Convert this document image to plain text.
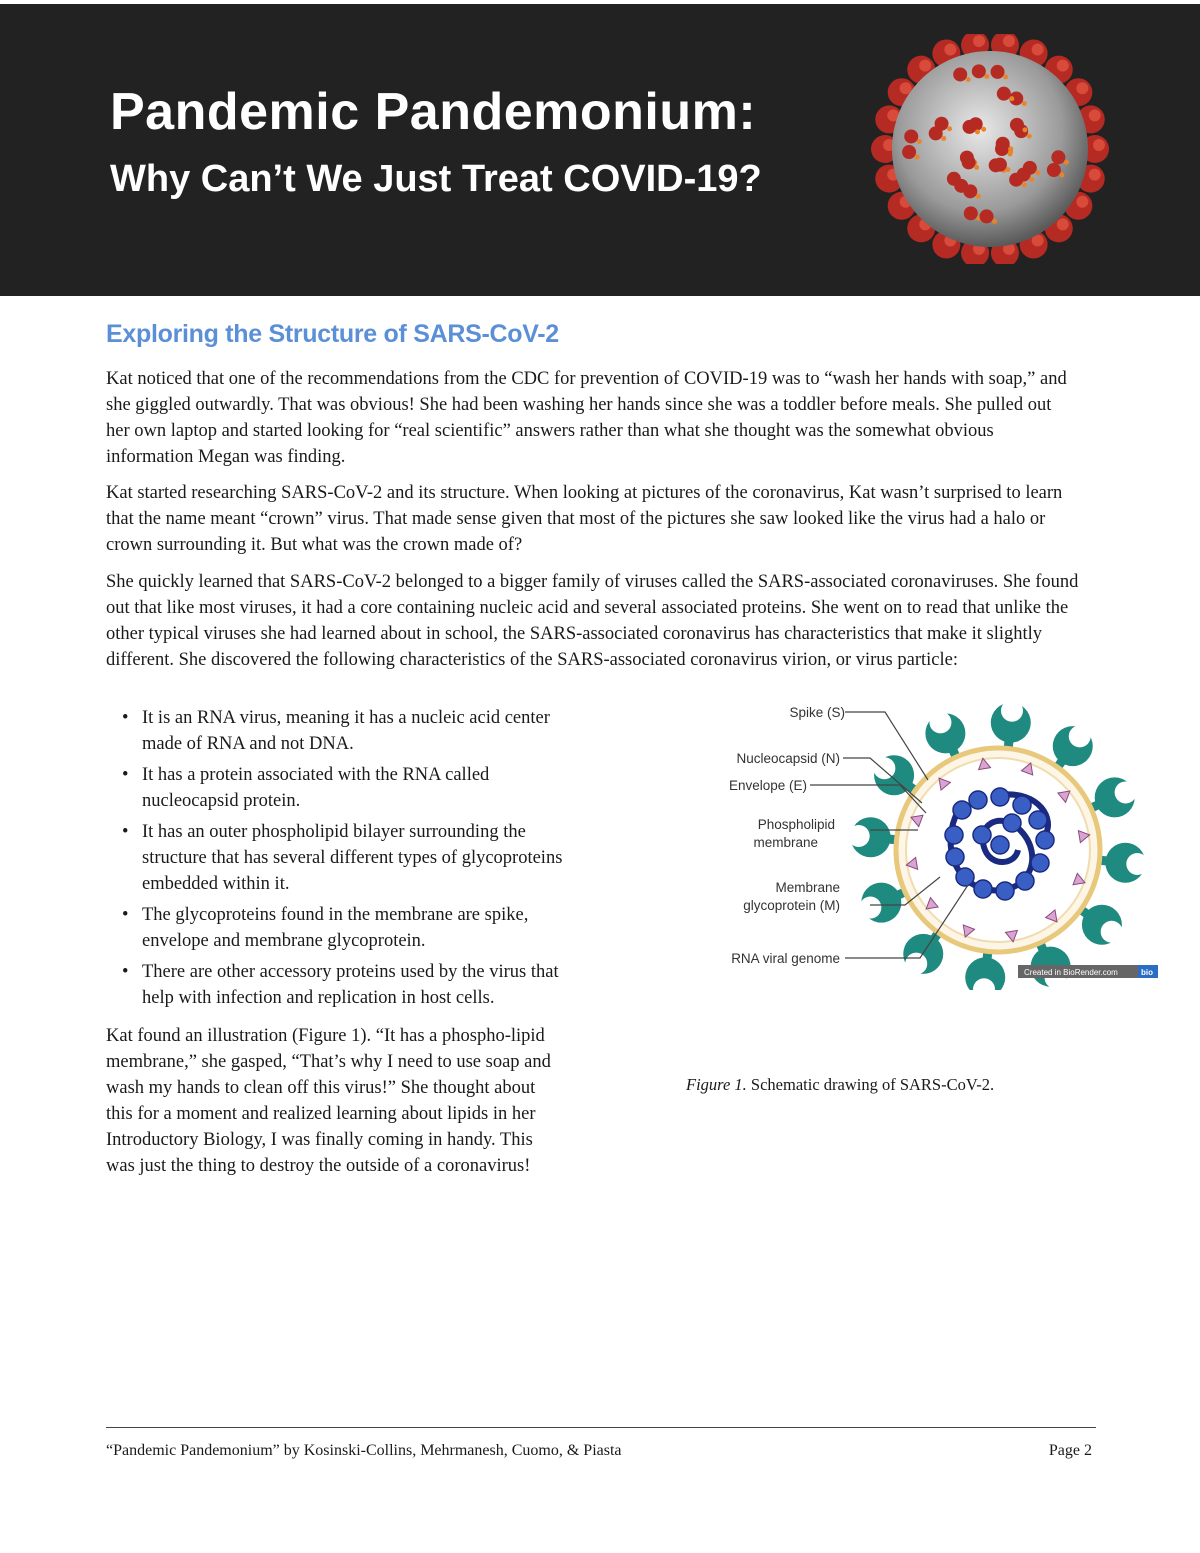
Pandemic Pandemonium:
Why Can’t We Just Treat COVID-19?
Exploring the Structure of SARS-CoV-2

Kat noticed that one of the recommendations from the CDC for prevention of COVID-19 was to “wash her hands with soap,” and she giggled outwardly. That was obvious! She had been washing her hands since she was a toddler before meals. She pulled out her own laptop and started looking for “real scientific” answers rather than what she thought was the somewhat obvious information Megan was finding.

Kat started researching SARS-CoV-2 and its structure. When looking at pictures of the coronavirus, Kat wasn’t surprised to learn that the name meant “crown” virus. That made sense given that most of the pictures she saw looked like the virus had a halo or crown surrounding it. But what was the crown made of?

She quickly learned that SARS-CoV-2 belonged to a bigger family of viruses called the SARS-associated coronaviruses. She found out that like most viruses, it had a core containing nucleic acid and several associated proteins. She went on to read that unlike the other typical viruses she had learned about in school, the SARS-associated coronavirus has characteristics that make it slightly different. She discovered the following characteristics of the SARS-associated coronavirus virion, or virus particle:

• It is an RNA virus, meaning it has a nucleic acid center made of RNA and not DNA.
• It has a protein associated with the RNA called nucleocapsid protein.
• It has an outer phospholipid bilayer surrounding the structure that has several different types of glycoproteins embedded within it.
• The glycoproteins found in the membrane are spike, envelope and membrane glycoprotein.
• There are other accessory proteins used by the virus that help with infection and replication in host cells.

Kat found an illustration (Figure 1). “It has a phospho-lipid membrane,” she gasped, “That’s why I need to use soap and wash my hands to clean off this virus!” She thought about this for a moment and realized learning about lipids in her Introductory Biology, I was finally coming in handy. This was just the thing to destroy the outside of a coronavirus!

Spike (S)
Nucleocapsid (N)
Envelope (E)
Phospholipid
membrane
Membrane
glycoprotein (M)
RNA viral genome
Created in BioRender.com	bio

Figure 1. Schematic drawing of SARS-CoV-2.

“Pandemic Pandemonium” by Kosinski-Collins, Mehrmanesh, Cuomo, & Piasta	Page 2
